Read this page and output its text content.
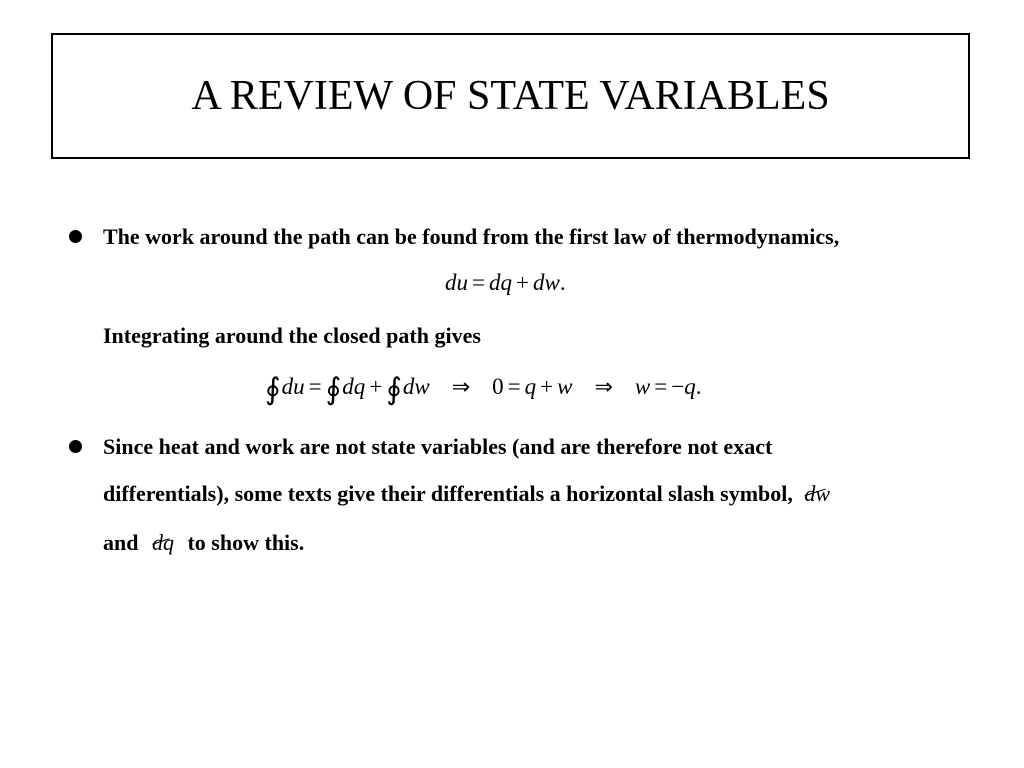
A REVIEW OF STATE VARIABLES
The work around the path can be found from the first law of thermodynamics,
du = dq + dw.
Integrating around the closed path gives
∮du = ∮dq + ∮dw ⇒ 0 = q + w ⇒ w = −q.
Since heat and work are not state variables (and are therefore not exact
differentials), some texts give their differentials a horizontal slash symbol, dw
and dq to show this.
